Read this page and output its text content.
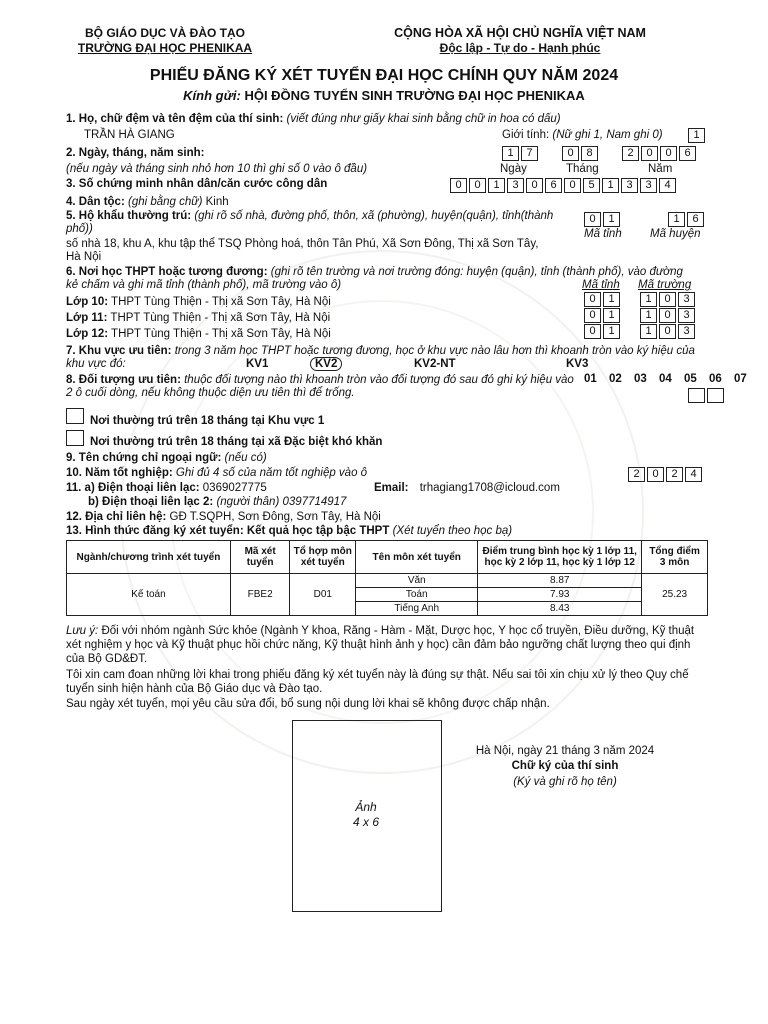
BỘ GIÁO DỤC VÀ ĐÀO TẠO
TRƯỜNG ĐẠI HỌC PHENIKAA
CỘNG HÒA XÃ HỘI CHỦ NGHĨA VIỆT NAM
Độc lập - Tự do - Hạnh phúc
PHIẾU ĐĂNG KÝ XÉT TUYỂN ĐẠI HỌC CHÍNH QUY NĂM 2024
Kính gửi: HỘI ĐỒNG TUYỂN SINH TRƯỜNG ĐẠI HỌC PHENIKAA
1. Họ, chữ đệm và tên đệm của thí sinh: (viết đúng như giấy khai sinh bằng chữ in hoa có dấu)
TRẦN HÀ GIANG	Giới tính: (Nữ ghi 1, Nam ghi 0)	1
2. Ngày, tháng, năm sinh:	1	7	0	8	2	0	0	6
(nếu ngày và tháng sinh nhỏ hơn 10 thì ghi số 0 vào ô đầu)	Ngày	Tháng	Năm
3. Số chứng minh nhân dân/căn cước công dân	0	0	1	3	0	6	0	5	1	3	3	4
4. Dân tộc: (ghi bằng chữ) Kinh
5. Hộ khẩu thường trú: (ghi rõ số nhà, đường phố, thôn, xã (phường), huyện(quận), tỉnh(thành phố))
số nhà 18, khu A, khu tập thể TSQ Phòng hoá, thôn Tân Phú, Xã Sơn Đông, Thị xã Sơn Tây, Hà Nội
0	1	1	6
Mã tỉnh Mã huyện
6. Nơi học THPT hoặc tương đương: (ghi rõ tên trường và nơi trường đóng: huyện (quận), tỉnh (thành phố), vào đường kẻ chấm và ghi mã tỉnh (thành phố), mã trường vào ô)	Mã tỉnh Mã trường
Lớp 10: THPT Tùng Thiện - Thị xã Sơn Tây, Hà Nội	0	1	1	0	3
Lớp 11: THPT Tùng Thiện - Thị xã Sơn Tây, Hà Nội	0	1	1	0	3
Lớp 12: THPT Tùng Thiện - Thị xã Sơn Tây, Hà Nội	0	1	1	0	3
7. Khu vực ưu tiên: trong 3 năm học THPT hoặc tương đương, học ở khu vực nào lâu hơn thì khoanh tròn vào ký hiệu của khu vực đó:	KV1	KV2	KV2-NT	KV3
8. Đối tượng ưu tiên: thuộc đối tượng nào thì khoanh tròn vào đối tượng đó sau đó ghi ký hiệu vào 2 ô cuối dòng, nếu không thuộc diện ưu tiên thì để trống.
01 02 03 04 05 06 07
Nơi thường trú trên 18 tháng tại Khu vực 1
Nơi thường trú trên 18 tháng tại xã Đặc biệt khó khăn
9. Tên chứng chỉ ngoại ngữ: (nếu có)
10. Năm tốt nghiệp: Ghi đủ 4 số của năm tốt nghiệp vào ô	2	0	2	4
11. a) Điện thoại liên lạc: 0369027775	Email: trhagiang1708@icloud.com
b) Điện thoại liên lạc 2: (người thân) 0397714917
12. Địa chỉ liên hệ: GĐ T.SQPH, Sơn Đông, Sơn Tây, Hà Nội
13. Hình thức đăng ký xét tuyển: Kết quả học tập bậc THPT (Xét tuyển theo học bạ)
Ngành/chương trình xét tuyển	Mã xét tuyển	Tổ hợp môn xét tuyển	Tên môn xét tuyển	Điểm trung bình học kỳ 1 lớp 11, học kỳ 2 lớp 11, học kỳ 1 lớp 12	Tổng điểm 3 môn
Kế toán	FBE2	D01	Văn	8.87	25.23
			Toán	7.93	
			Tiếng Anh	8.43	
Lưu ý: Đối với nhóm ngành Sức khỏe (Ngành Y khoa, Răng - Hàm - Mặt, Dược học, Y học cổ truyền, Điều dưỡng, Kỹ thuật xét nghiệm y học và Kỹ thuật phục hồi chức năng, Kỹ thuật hình ảnh y học) cần đảm bảo ngưỡng chất lượng theo qui định của Bộ GD&ĐT.
Tôi xin cam đoan những lời khai trong phiếu đăng ký xét tuyển này là đúng sự thật. Nếu sai tôi xin chịu xử lý theo Quy chế tuyển sinh hiện hành của Bộ Giáo dục và Đào tạo.
Sau ngày xét tuyển, mọi yêu cầu sửa đổi, bổ sung nội dung lời khai sẽ không được chấp nhận.
Ảnh
4 x 6
Hà Nội, ngày 21 tháng 3 năm 2024
Chữ ký của thí sinh
(Ký và ghi rõ họ tên)
